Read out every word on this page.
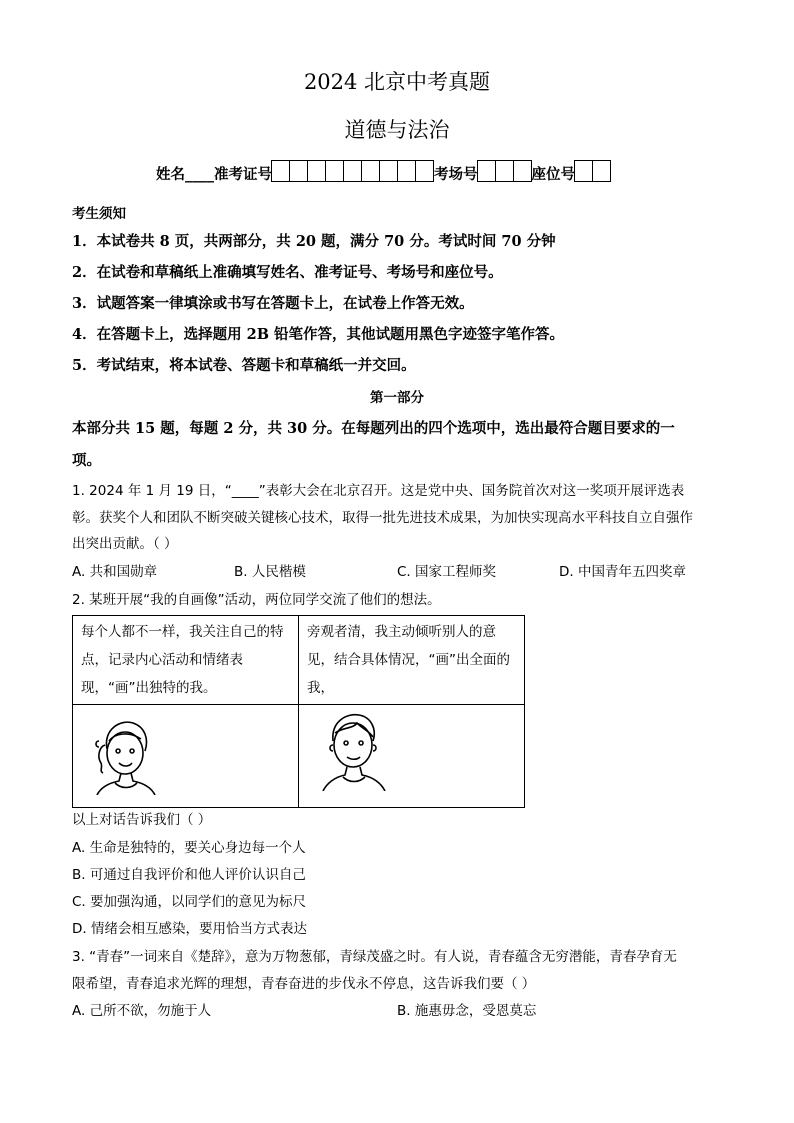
2024 北京中考真题
道德与法治
姓名____准考证号	考场号	座位号
考生须知
1．本试卷共 8 页，共两部分，共 20 题，满分 70 分。考试时间 70 分钟
2．在试卷和草稿纸上准确填写姓名、准考证号、考场号和座位号。
3．试题答案一律填涂或书写在答题卡上，在试卷上作答无效。
4．在答题卡上，选择题用 2B 铅笔作答，其他试题用黑色字迹签字笔作答。
5．考试结束，将本试卷、答题卡和草稿纸一并交回。
第一部分
本部分共 15 题，每题 2 分，共 30 分。在每题列出的四个选项中，选出最符合题目要求的一
项。
1. 2024 年 1 月 19 日，“____”表彰大会在北京召开。这是党中央、国务院首次对这一奖项开展评选表
彰。获奖个人和团队不断突破关键核心技术，取得一批先进技术成果，为加快实现高水平科技自立自强作
出突出贡献。（ ）
A. 共和国勋章	B. 人民楷模	C. 国家工程师奖	D. 中国青年五四奖章
2. 某班开展“我的自画像”活动，两位同学交流了他们的想法。
每个人都不一样，我关注自己的特点，记录内心活动和情绪表现，“画”出独特的我。	旁观者清，我主动倾听别人的意见，结合具体情况，“画”出全面的我，

以上对话告诉我们（ ）
A. 生命是独特的，要关心身边每一个人
B. 可通过自我评价和他人评价认识自己
C. 要加强沟通，以同学们的意见为标尺
D. 情绪会相互感染，要用恰当方式表达
3. “青春”一词来自《楚辞》，意为万物葱郁，青绿茂盛之时。有人说，青春蕴含无穷潜能，青春孕育无
限希望，青春追求光辉的理想，青春奋进的步伐永不停息，这告诉我们要（ ）
A. 己所不欲，勿施于人	B. 施惠毋念，受恩莫忘
